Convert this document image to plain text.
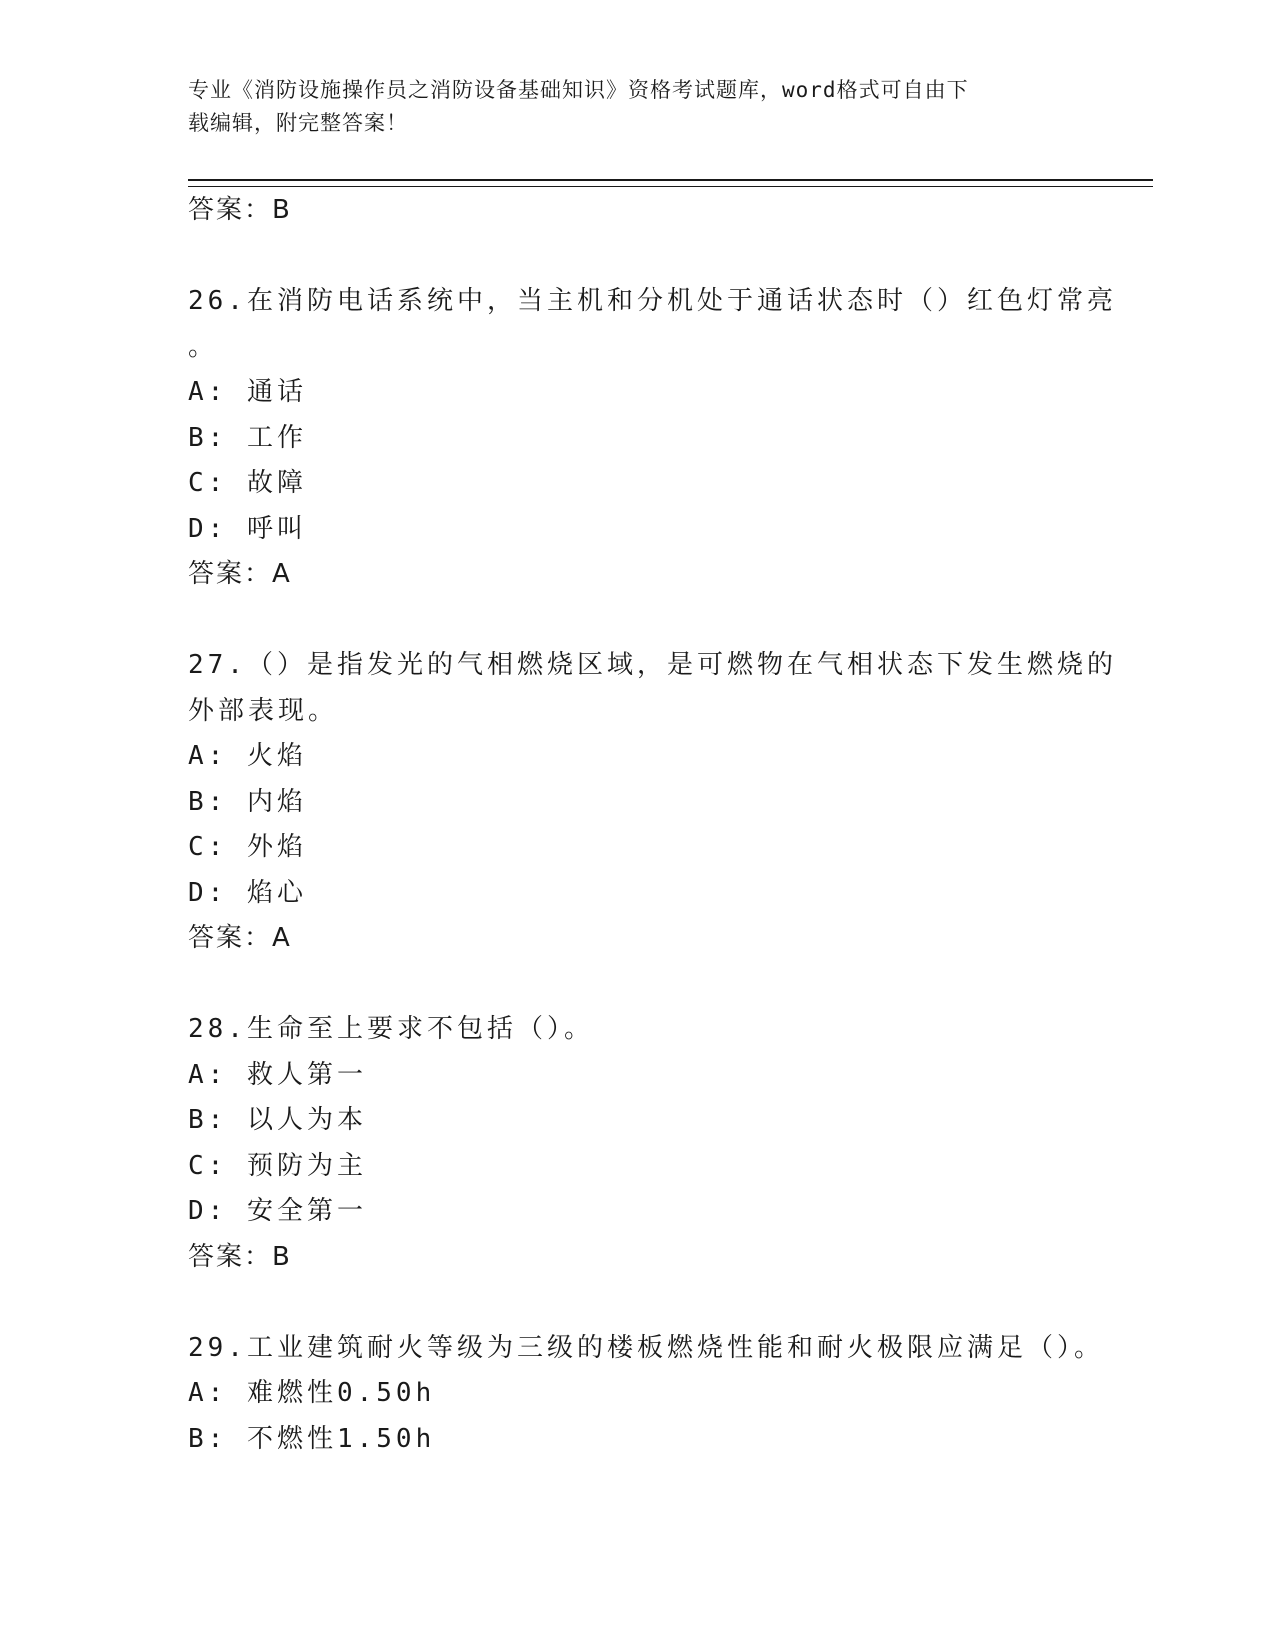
专业《消防设施操作员之消防设备基础知识》资格考试题库，word格式可自由下
载编辑，附完整答案！
答案：B
26.在消防电话系统中，当主机和分机处于通话状态时（）红色灯常亮
。
A: 通话
B: 工作
C: 故障
D: 呼叫
答案：A
27.（）是指发光的气相燃烧区域，是可燃物在气相状态下发生燃烧的
外部表现。
A: 火焰
B: 内焰
C: 外焰
D: 焰心
答案：A
28.生命至上要求不包括（）。
A: 救人第一
B: 以人为本
C: 预防为主
D: 安全第一
答案：B
29.工业建筑耐火等级为三级的楼板燃烧性能和耐火极限应满足（）。
A: 难燃性0.50h
B: 不燃性1.50h
